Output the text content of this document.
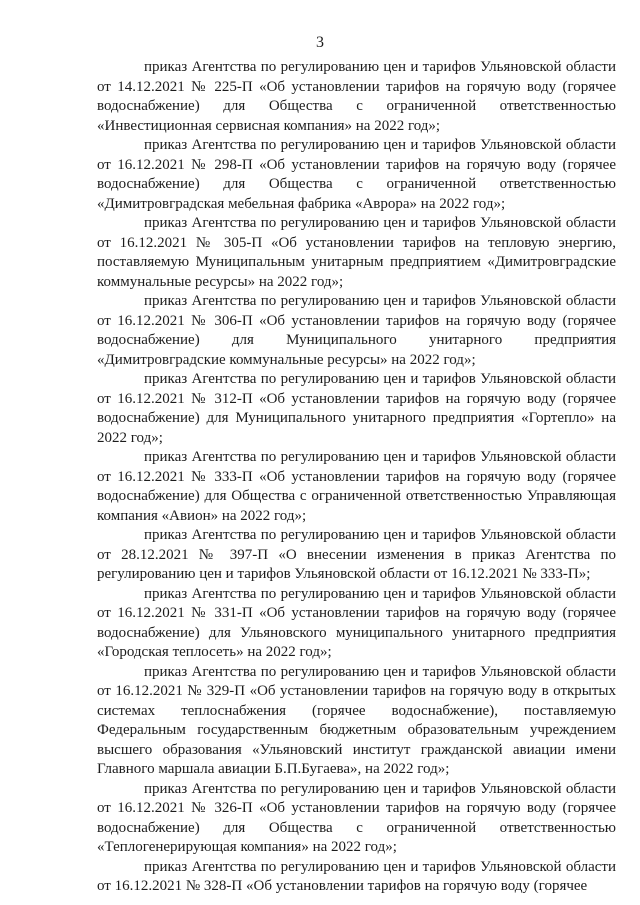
3

приказ Агентства по регулированию цен и тарифов Ульяновской области от 14.12.2021 № 225-П «Об установлении тарифов на горячую воду (горячее водоснабжение) для Общества с ограниченной ответственностью «Инвестиционная сервисная компания» на 2022 год»;

приказ Агентства по регулированию цен и тарифов Ульяновской области от 16.12.2021 № 298-П «Об установлении тарифов на горячую воду (горячее водоснабжение) для Общества с ограниченной ответственностью «Димитровградская мебельная фабрика «Аврора» на 2022 год»;

приказ Агентства по регулированию цен и тарифов Ульяновской области от 16.12.2021 № 305-П «Об установлении тарифов на тепловую энергию, поставляемую Муниципальным унитарным предприятием «Димитровградские коммунальные ресурсы» на 2022 год»;

приказ Агентства по регулированию цен и тарифов Ульяновской области от 16.12.2021 № 306-П «Об установлении тарифов на горячую воду (горячее водоснабжение) для Муниципального унитарного предприятия «Димитровградские коммунальные ресурсы» на 2022 год»;

приказ Агентства по регулированию цен и тарифов Ульяновской области от 16.12.2021 № 312-П «Об установлении тарифов на горячую воду (горячее водоснабжение) для Муниципального унитарного предприятия «Гортепло» на 2022 год»;

приказ Агентства по регулированию цен и тарифов Ульяновской области от 16.12.2021 № 333-П «Об установлении тарифов на горячую воду (горячее водоснабжение) для Общества с ограниченной ответственностью Управляющая компания «Авион» на 2022 год»;

приказ Агентства по регулированию цен и тарифов Ульяновской области от 28.12.2021 № 397-П «О внесении изменения в приказ Агентства по регулированию цен и тарифов Ульяновской области от 16.12.2021 № 333-П»;

приказ Агентства по регулированию цен и тарифов Ульяновской области от 16.12.2021 № 331-П «Об установлении тарифов на горячую воду (горячее водоснабжение) для Ульяновского муниципального унитарного предприятия «Городская теплосеть» на 2022 год»;

приказ Агентства по регулированию цен и тарифов Ульяновской области от 16.12.2021 № 329-П «Об установлении тарифов на горячую воду в открытых системах теплоснабжения (горячее водоснабжение), поставляемую Федеральным государственным бюджетным образовательным учреждением высшего образования «Ульяновский институт гражданской авиации имени Главного маршала авиации Б.П.Бугаева», на 2022 год»;

приказ Агентства по регулированию цен и тарифов Ульяновской области от 16.12.2021 № 326-П «Об установлении тарифов на горячую воду (горячее водоснабжение) для Общества с ограниченной ответственностью «Теплогенерирующая компания» на 2022 год»;

приказ Агентства по регулированию цен и тарифов Ульяновской области от 16.12.2021 № 328-П «Об установлении тарифов на горячую воду (горячее
